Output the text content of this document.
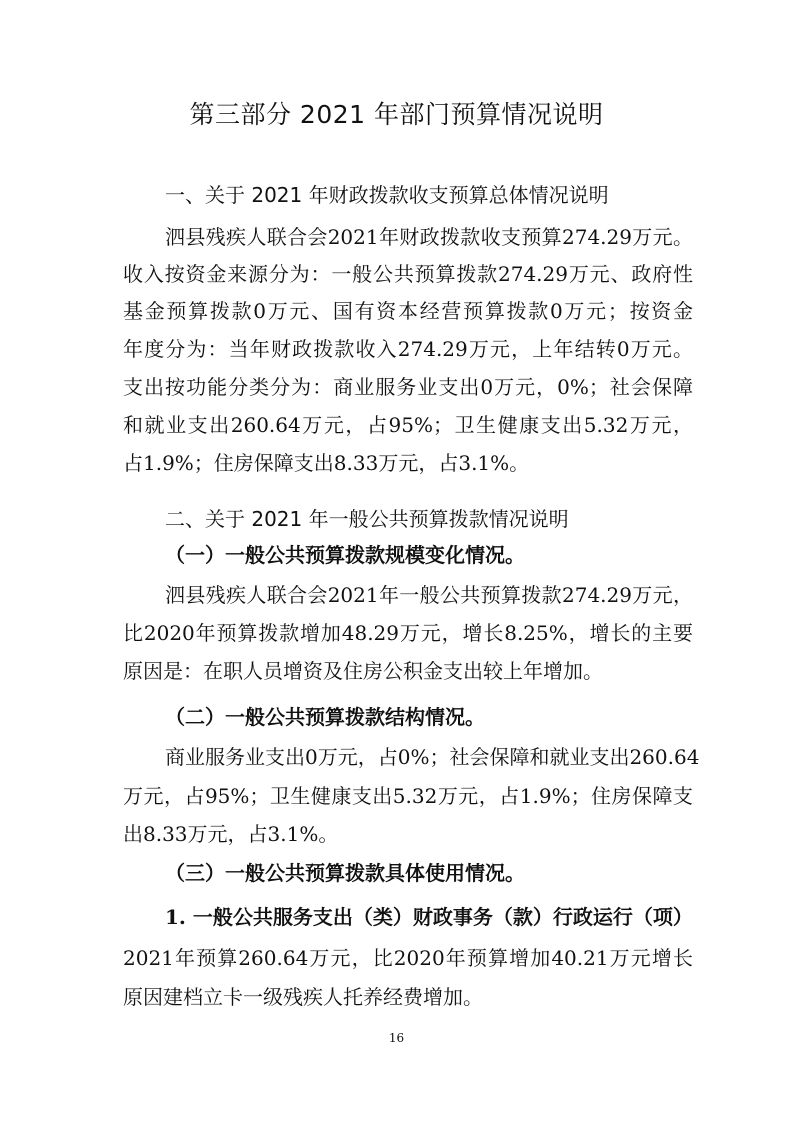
第三部分 2021 年部门预算情况说明
一、关于 2021 年财政拨款收支预算总体情况说明
泗县残疾人联合会2021年财政拨款收支预算274.29万元。
收入按资金来源分为：一般公共预算拨款274.29万元、政府性
基金预算拨款0万元、国有资本经营预算拨款0万元；按资金
年度分为：当年财政拨款收入274.29万元，上年结转0万元。
支出按功能分类分为：商业服务业支出0万元，0%；社会保障
和就业支出260.64万元，占95%；卫生健康支出5.32万元，
占1.9%；住房保障支出8.33万元，占3.1%。
二、关于 2021 年一般公共预算拨款情况说明
（一）一般公共预算拨款规模变化情况。
泗县残疾人联合会2021年一般公共预算拨款274.29万元，
比2020年预算拨款增加48.29万元，增长8.25%，增长的主要
原因是：在职人员增资及住房公积金支出较上年增加。
（二）一般公共预算拨款结构情况。
商业服务业支出0万元，占0%；社会保障和就业支出260.64
万元，占95%；卫生健康支出5.32万元，占1.9%；住房保障支
出8.33万元，占3.1%。
（三）一般公共预算拨款具体使用情况。
1. 一般公共服务支出（类）财政事务（款）行政运行（项）
2021年预算260.64万元，比2020年预算增加40.21万元增长
原因建档立卡一级残疾人托养经费增加。
16
